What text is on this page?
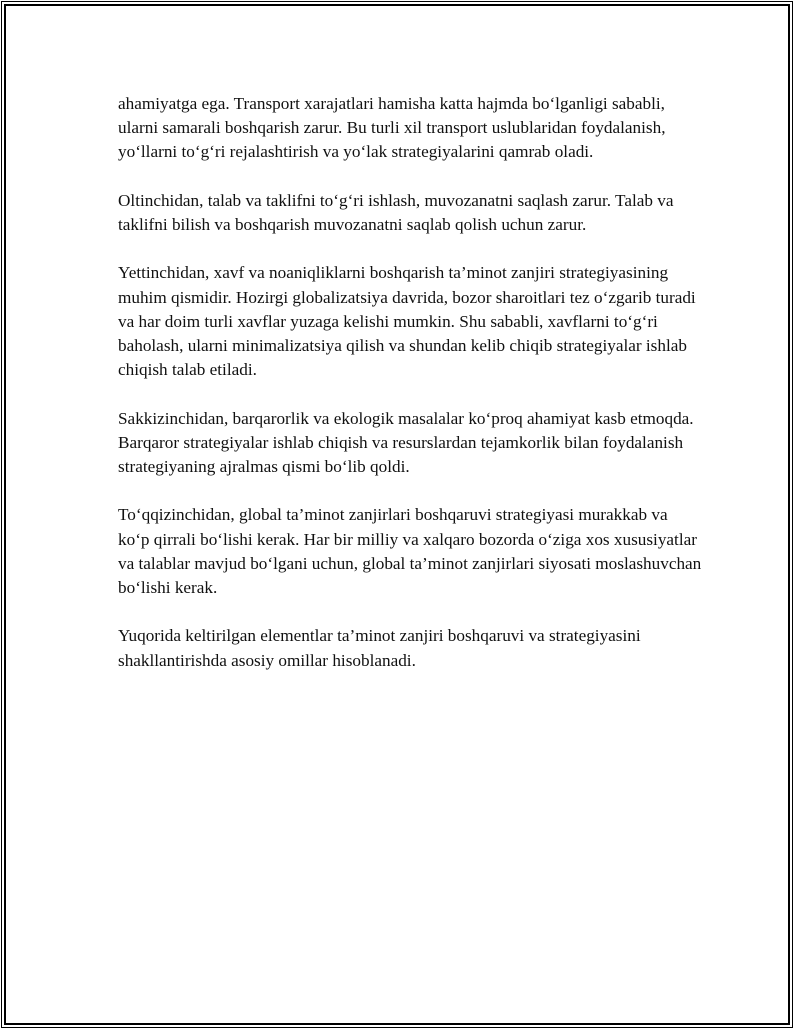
ahamiyatga ega. Transport xarajatlari hamisha katta hajmda bo‘lganligi sababli, ularni samarali boshqarish zarur. Bu turli xil transport uslublaridan foydalanish, yo‘llarni to‘g‘ri rejalashtirish va yo‘lak strategiyalarini qamrab oladi.

Oltinchidan, talab va taklifni to‘g‘ri ishlash, muvozanatni saqlash zarur. Talab va taklifni bilish va boshqarish muvozanatni saqlab qolish uchun zarur.

Yettinchidan, xavf va noaniqliklarni boshqarish ta’minot zanjiri strategiyasining muhim qismidir. Hozirgi globalizatsiya davrida, bozor sharoitlari tez o‘zgarib turadi va har doim turli xavflar yuzaga kelishi mumkin. Shu sababli, xavflarni to‘g‘ri baholash, ularni minimalizatsiya qilish va shundan kelib chiqib strategiyalar ishlab chiqish talab etiladi.

Sakkizinchidan, barqarorlik va ekologik masalalar ko‘proq ahamiyat kasb etmoqda. Barqaror strategiyalar ishlab chiqish va resurslardan tejamkorlik bilan foydalanish strategiyaning ajralmas qismi bo‘lib qoldi.

To‘qqizinchidan, global ta’minot zanjirlari boshqaruvi strategiyasi murakkab va ko‘p qirrali bo‘lishi kerak. Har bir milliy va xalqaro bozorda o‘ziga xos xususiyatlar va talablar mavjud bo‘lgani uchun, global ta’minot zanjirlari siyosati moslashuvchan bo‘lishi kerak.

Yuqorida keltirilgan elementlar ta’minot zanjiri boshqaruvi va strategiyasini shakllantirishda asosiy omillar hisoblanadi.
